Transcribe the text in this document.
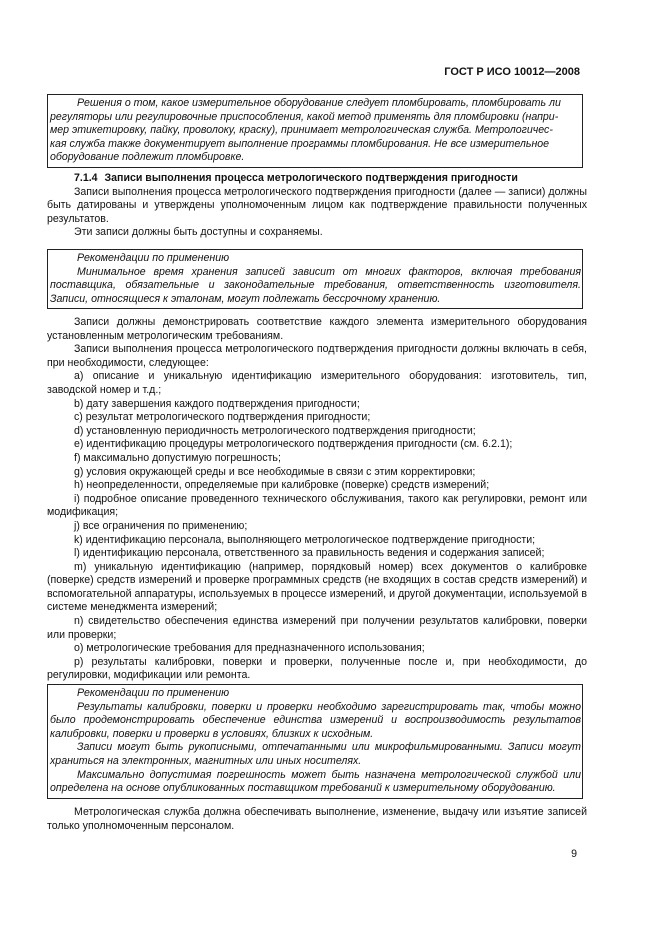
ГОСТ Р ИСО 10012—2008
Решения о том, какое измерительное оборудование следует пломбировать, пломбировать ли
регуляторы или регулировочные приспособления, какой метод применять для пломбировки (напри-
мер этикетировку, пайку, проволоку, краску), принимает метрологическая служба. Метрологичес-
кая служба также документирует выполнение программы пломбирования. Не все измерительное
оборудование подлежит пломбировке.

7.1.4 Записи выполнения процесса метрологического подтверждения пригодности

Записи выполнения процесса метрологического подтверждения пригодности (далее — записи) должны быть датированы и утверждены уполномоченным лицом как подтверждение правильности полученных результатов.

Эти записи должны быть доступны и сохраняемы.

Рекомендации по применению

Минимальное время хранения записей зависит от многих факторов, включая требования поставщика, обязательные и законодательные требования, ответственность изготовителя. Записи, относящиеся к эталонам, могут подлежать бессрочному хранению.

Записи должны демонстрировать соответствие каждого элемента измерительного оборудования установленным метрологическим требованиям.

Записи выполнения процесса метрологического подтверждения пригодности должны включать в себя, при необходимости, следующее:

а) описание и уникальную идентификацию измерительного оборудования: изготовитель, тип, заводской номер и т.д.;

b) дату завершения каждого подтверждения пригодности;

c) результат метрологического подтверждения пригодности;

d) установленную периодичность метрологического подтверждения пригодности;

e) идентификацию процедуры метрологического подтверждения пригодности (см. 6.2.1);

f) максимально допустимую погрешность;

g) условия окружающей среды и все необходимые в связи с этим корректировки;

h) неопределенности, определяемые при калибровке (поверке) средств измерений;

i) подробное описание проведенного технического обслуживания, такого как регулировки, ремонт или модификация;

j) все ограничения по применению;

k) идентификацию персонала, выполняющего метрологическое подтверждение пригодности;

l) идентификацию персонала, ответственного за правильность ведения и содержания записей;

m) уникальную идентификацию (например, порядковый номер) всех документов о калибровке (поверке) средств измерений и проверке программных средств (не входящих в состав средств измерений) и вспомогательной аппаратуры, используемых в процессе измерений, и другой документации, используемой в системе менеджмента измерений;

n) свидетельство обеспечения единства измерений при получении результатов калибровки, поверки или проверки;

o) метрологические требования для предназначенного использования;

p) результаты калибровки, поверки и проверки, полученные после и, при необходимости, до регулировки, модификации или ремонта.

Рекомендации по применению

Результаты калибровки, поверки и проверки необходимо зарегистрировать так, чтобы можно было продемонстрировать обеспечение единства измерений и воспроизводимость результатов калибровки, поверки и проверки в условиях, близких к исходным.

Записи могут быть рукописными, отпечатанными или микрофильмированными. Записи могут храниться на электронных, магнитных или иных носителях.

Максимально допустимая погрешность может быть назначена метрологической службой или определена на основе опубликованных поставщиком требований к измерительному оборудованию.

Метрологическая служба должна обеспечивать выполнение, изменение, выдачу или изъятие записей только уполномоченным персоналом.

9
